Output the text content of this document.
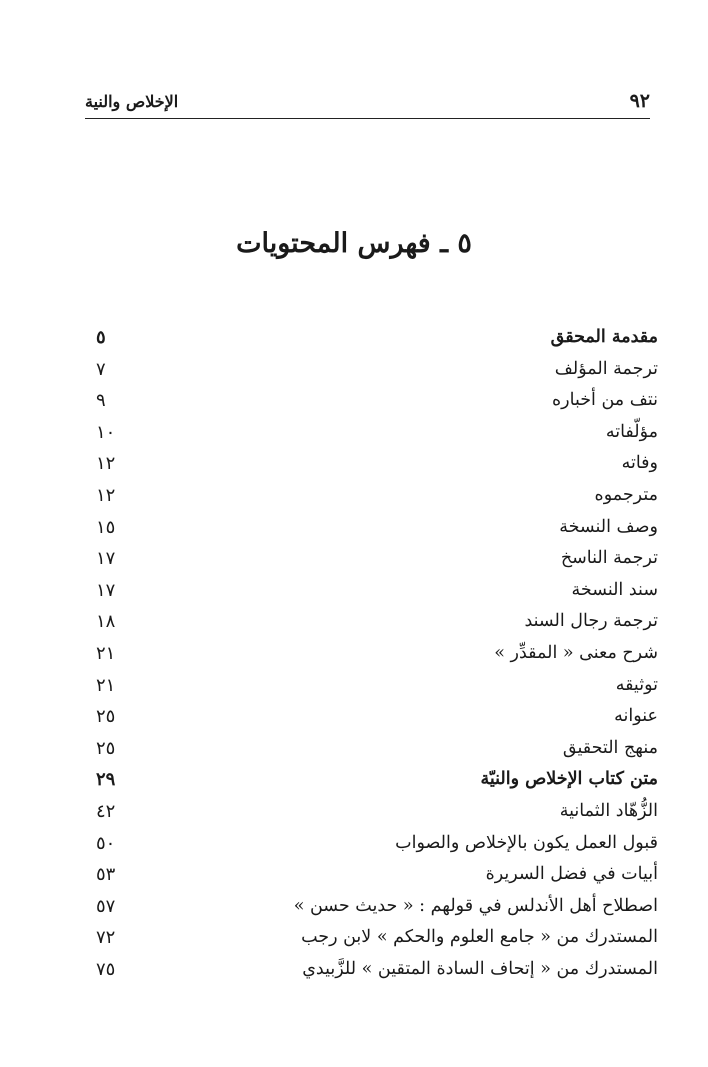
٩٢
الإخلاص والنية
٥ ـ فهرس المحتويات
مقدمة المحقق
٥
ترجمة المؤلف
٧
نتف من أخباره
٩
مؤلّفاته
١٠
وفاته
١٢
مترجموه
١٢
وصف النسخة
١٥
ترجمة الناسخ
١٧
سند النسخة
١٧
ترجمة رجال السند
١٨
شرح معنى « المقدِّر »
٢١
توثيقه
٢١
عنوانه
٢٥
منهج التحقيق
٢٥
متن كتاب الإخلاص والنيّة
٢٩
الزُّهّاد الثمانية
٤٢
قبول العمل يكون بالإخلاص والصواب
٥٠
أبيات في فضل السريرة
٥٣
اصطلاح أهل الأندلس في قولهم : « حديث حسن »
٥٧
المستدرك من « جامع العلوم والحكم » لابن رجب
٧٢
المستدرك من « إتحاف السادة المتقين » للزَّبيدي
٧٥
